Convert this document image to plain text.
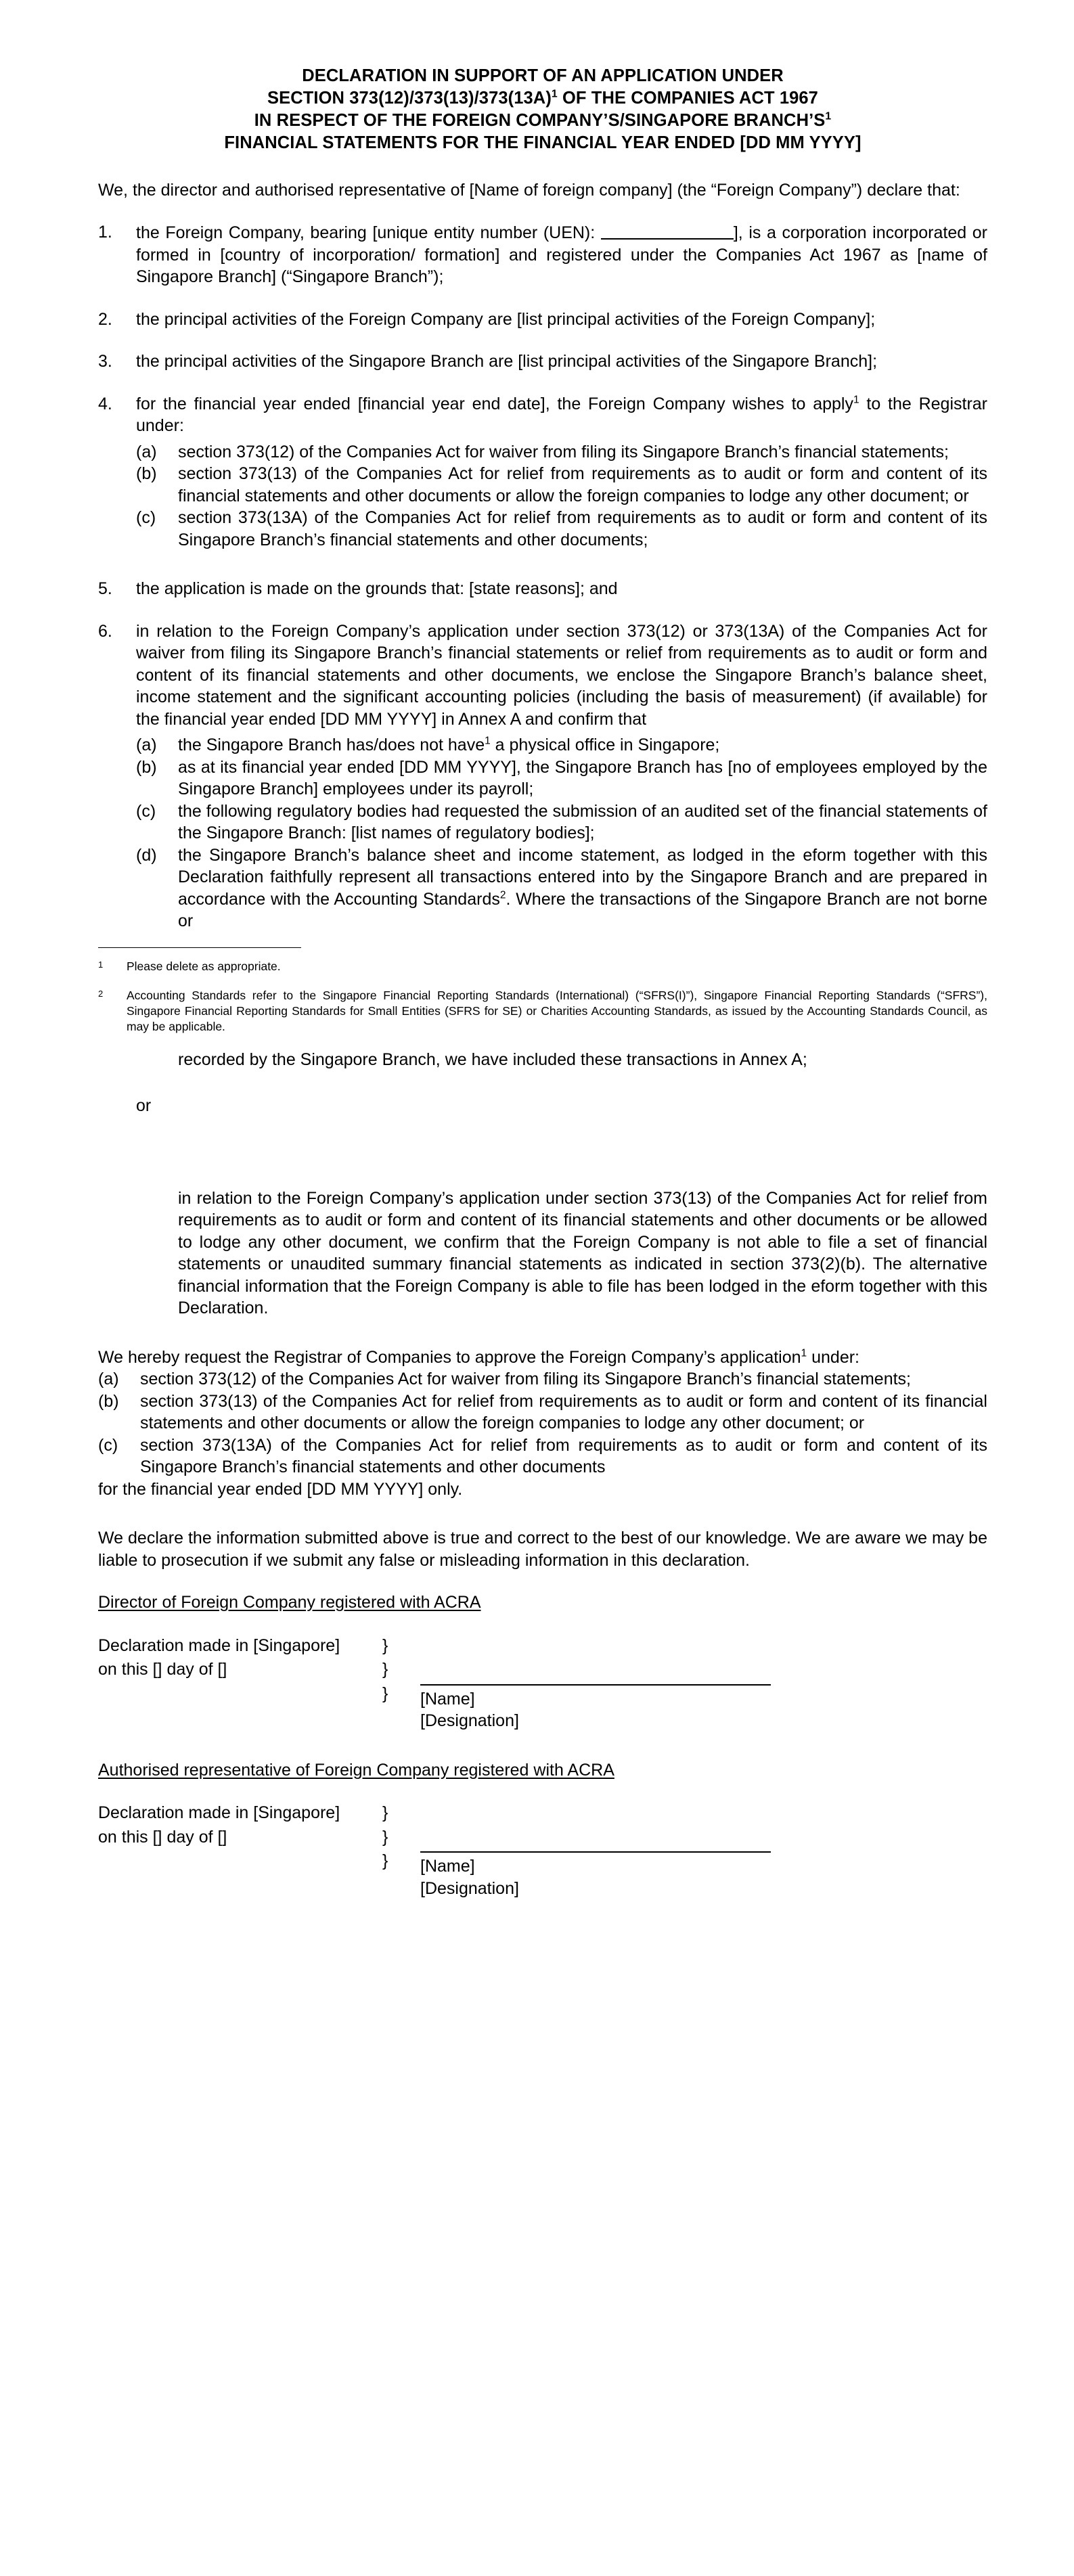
DECLARATION IN SUPPORT OF AN APPLICATION UNDER
SECTION $373(12)/373(13)/373(13A)^1$ OF THE COMPANIES ACT 1967
IN RESPECT OF THE FOREIGN COMPANY’S/SINGAPORE $BRANCH’S^1$
FINANCIAL STATEMENTS FOR THE FINANCIAL YEAR ENDED [DD MM YYYY]

We, the director and authorised representative of [Name of foreign company] (the “Foreign Company”) declare that:

1.	the Foreign Company, bearing [unique entity number (UEN):	], is a corporation incorporated or formed in [country of incorporation/ formation] and registered under the Companies Act 1967 as [name of Singapore Branch] (“Singapore Branch”);
2.	the principal activities of the Foreign Company are [list principal activities of the Foreign Company];
3.	the principal activities of the Singapore Branch are [list principal activities of the Singapore Branch];
4.	for the financial year ended [financial year end date], the Foreign Company wishes to apply$^1$ to the Registrar under:
(a)	section 373(12) of the Companies Act for waiver from filing its Singapore Branch’s financial statements;
(b)	section 373(13) of the Companies Act for relief from requirements as to audit or form and content of its financial statements and other documents or allow the foreign companies to lodge any other document; or
(c)	section 373(13A) of the Companies Act for relief from requirements as to audit or form and content of its Singapore Branch’s financial statements and other documents;
5.	the application is made on the grounds that: [state reasons]; and
6.	in relation to the Foreign Company’s application under section 373(12) or 373(13A) of the Companies Act for waiver from filing its Singapore Branch’s financial statements or relief from requirements as to audit or form and content of its financial statements and other documents, we enclose the Singapore Branch’s balance sheet, income statement and the significant accounting policies (including the basis of measurement) (if available) for the financial year ended [DD MM YYYY] in Annex A and confirm that
(a)	the Singapore Branch has/does not have$^1$ a physical office in Singapore;
(b)	as at its financial year ended [DD MM YYYY], the Singapore Branch has [no of employees employed by the Singapore Branch] employees under its payroll;
(c)	the following regulatory bodies had requested the submission of an audited set of the financial statements of the Singapore Branch: [list names of regulatory bodies];
(d)	the Singapore Branch’s balance sheet and income statement, as lodged in the eform together with this Declaration faithfully represent all transactions entered into by the Singapore Branch and are prepared in accordance with the Accounting Standards$^2$. Where the transactions of the Singapore Branch are not borne or
1	Please delete as appropriate.
2	Accounting Standards refer to the Singapore Financial Reporting Standards (International) (“SFRS(I)”), Singapore Financial Reporting Standards (“SFRS”), Singapore Financial Reporting Standards for Small Entities (SFRS for SE) or Charities Accounting Standards, as issued by the Accounting Standards Council, as may be applicable.
recorded by the Singapore Branch, we have included these transactions in Annex A;
or
in relation to the Foreign Company’s application under section 373(13) of the Companies Act for relief from requirements as to audit or form and content of its financial statements and other documents or be allowed to lodge any other document, we confirm that the Foreign Company is not able to file a set of financial statements or unaudited summary financial statements as indicated in section 373(2)(b). The alternative financial information that the Foreign Company is able to file has been lodged in the eform together with this Declaration.

We hereby request the Registrar of Companies to approve the Foreign Company’s application$^1$ under:

(a)	section 373(12) of the Companies Act for waiver from filing its Singapore Branch’s financial statements;
(b)	section 373(13) of the Companies Act for relief from requirements as to audit or form and content of its financial statements and other documents or allow the foreign companies to lodge any other document; or
(c)	section 373(13A) of the Companies Act for relief from requirements as to audit or form and content of its Singapore Branch’s financial statements and other documents
for the financial year ended [DD MM YYYY] only.

We declare the information submitted above is true and correct to the best of our knowledge. We are aware we may be liable to prosecution if we submit any false or misleading information in this declaration.

Director of Foreign Company registered with ACRA
Declaration made in [Singapore]
on this [] day of []
}
}
}	[Name]
[Designation]
Authorised representative of Foreign Company registered with ACRA
Declaration made in [Singapore]
on this [] day of []
}
}
}	[Name]
[Designation]
